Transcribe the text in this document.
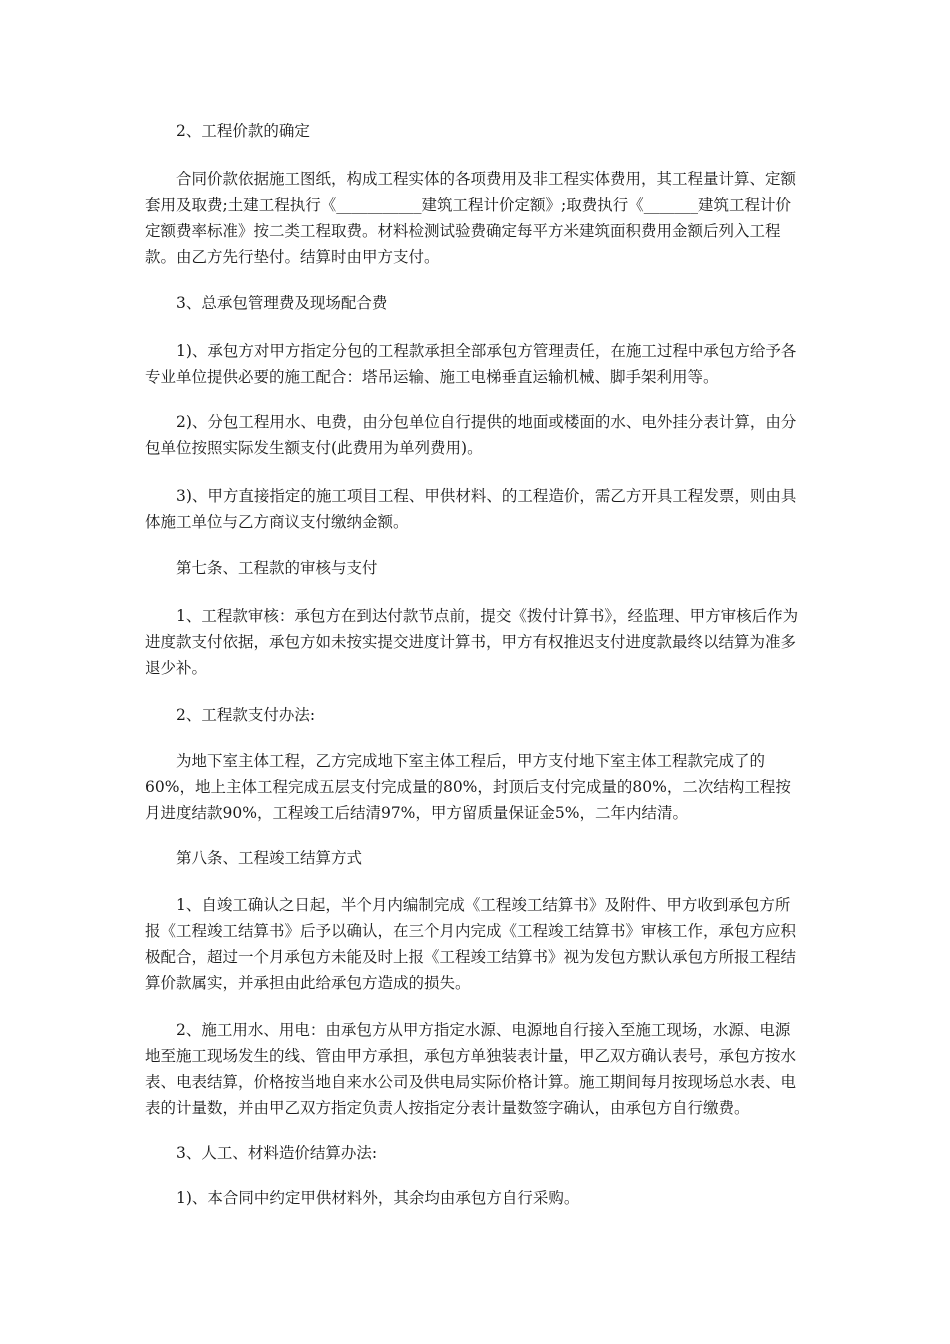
2、工程价款的确定

合同价款依据施工图纸，构成工程实体的各项费用及非工程实体费用，其工程量计算、定额套用及取费;土建工程执行《___________建筑工程计价定额》;取费执行《_______建筑工程计价定额费率标准》按二类工程取费。材料检测试验费确定每平方米建筑面积费用金额后列入工程款。由乙方先行垫付。结算时由甲方支付。

3、总承包管理费及现场配合费

1)、承包方对甲方指定分包的工程款承担全部承包方管理责任，在施工过程中承包方给予各专业单位提供必要的施工配合：塔吊运输、施工电梯垂直运输机械、脚手架利用等。

2)、分包工程用水、电费，由分包单位自行提供的地面或楼面的水、电外挂分表计算，由分包单位按照实际发生额支付(此费用为单列费用)。

3)、甲方直接指定的施工项目工程、甲供材料、的工程造价，需乙方开具工程发票，则由具体施工单位与乙方商议支付缴纳金额。

第七条、工程款的审核与支付

1、工程款审核：承包方在到达付款节点前，提交《拨付计算书》，经监理、甲方审核后作为进度款支付依据，承包方如未按实提交进度计算书，甲方有权推迟支付进度款最终以结算为准多退少补。

2、工程款支付办法:

为地下室主体工程，乙方完成地下室主体工程后，甲方支付地下室主体工程款完成了的60%，地上主体工程完成五层支付完成量的80%，封顶后支付完成量的80%，二次结构工程按月进度结款90%，工程竣工后结清97%，甲方留质量保证金5%，二年内结清。

第八条、工程竣工结算方式

1、自竣工确认之日起，半个月内编制完成《工程竣工结算书》及附件、甲方收到承包方所报《工程竣工结算书》后予以确认，在三个月内完成《工程竣工结算书》审核工作，承包方应积极配合，超过一个月承包方未能及时上报《工程竣工结算书》视为发包方默认承包方所报工程结算价款属实，并承担由此给承包方造成的损失。

2、施工用水、用电：由承包方从甲方指定水源、电源地自行接入至施工现场，水源、电源地至施工现场发生的线、管由甲方承担，承包方单独装表计量，甲乙双方确认表号，承包方按水表、电表结算，价格按当地自来水公司及供电局实际价格计算。施工期间每月按现场总水表、电表的计量数，并由甲乙双方指定负责人按指定分表计量数签字确认，由承包方自行缴费。

3、人工、材料造价结算办法:

1)、本合同中约定甲供材料外，其余均由承包方自行采购。
